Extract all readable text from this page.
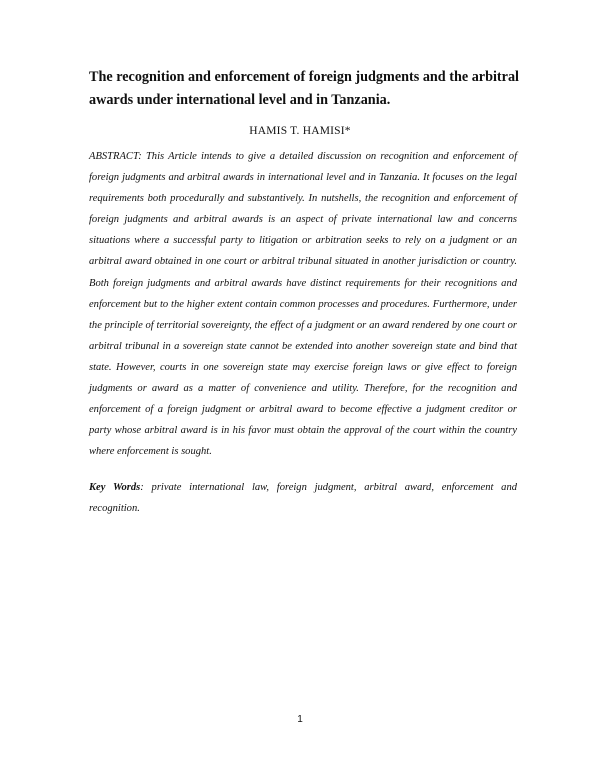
The recognition and enforcement of foreign judgments and the arbitral awards under international level and in Tanzania.
HAMIS T. HAMISI*

ABSTRACT: This Article intends to give a detailed discussion on recognition and enforcement of foreign judgments and arbitral awards in international level and in Tanzania. It focuses on the legal requirements both procedurally and substantively. In nutshells, the recognition and enforcement of foreign judgments and arbitral awards is an aspect of private international law and concerns situations where a successful party to litigation or arbitration seeks to rely on a judgment or an arbitral award obtained in one court or arbitral tribunal situated in another jurisdiction or country. Both foreign judgments and arbitral awards have distinct requirements for their recognitions and enforcement but to the higher extent contain common processes and procedures. Furthermore, under the principle of territorial sovereignty, the effect of a judgment or an award rendered by one court or arbitral tribunal in a sovereign state cannot be extended into another sovereign state and bind that state. However, courts in one sovereign state may exercise foreign laws or give effect to foreign judgments or award as a matter of convenience and utility. Therefore, for the recognition and enforcement of a foreign judgment or arbitral award to become effective a judgment creditor or party whose arbitral award is in his favor must obtain the approval of the court within the country where enforcement is sought.

Key Words: private international law, foreign judgment, arbitral award, enforcement and recognition.

1
